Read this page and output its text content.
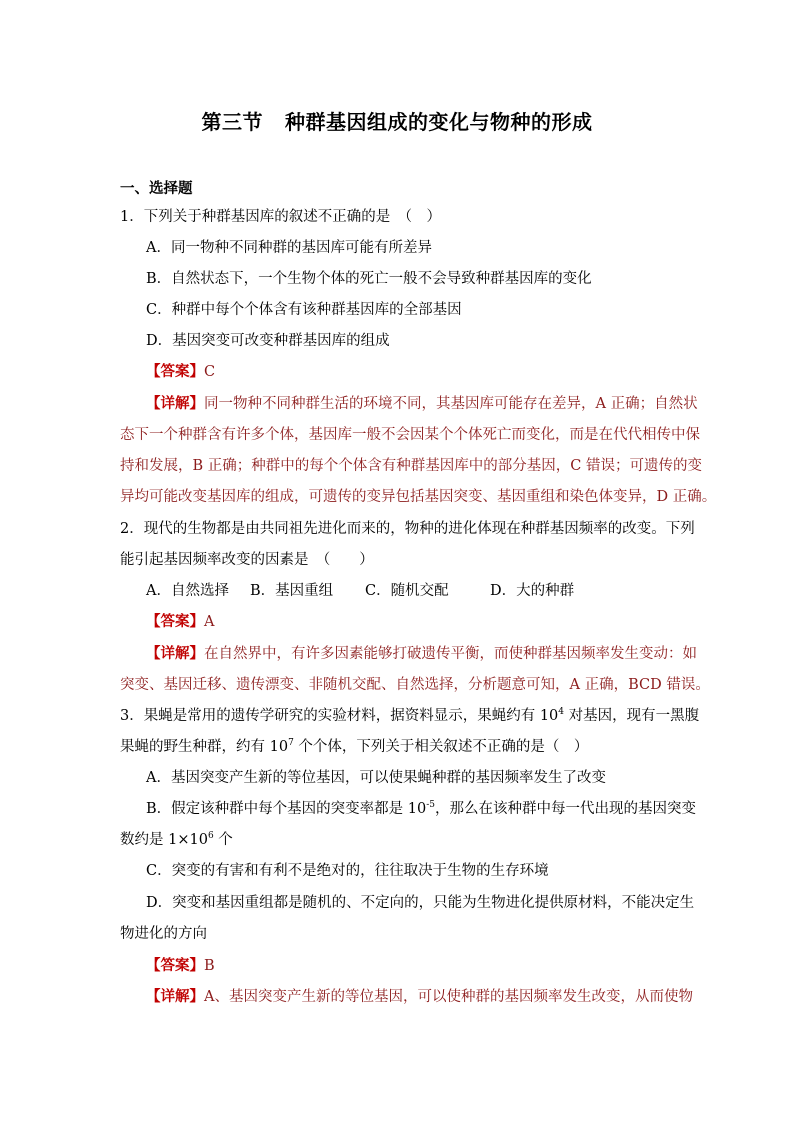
第三节 种群基因组成的变化与物种的形成
一、选择题
1．下列关于种群基因库的叙述不正确的是　（　）
A．同一物种不同种群的基因库可能有所差异
B．自然状态下，一个生物个体的死亡一般不会导致种群基因库的变化
C．种群中每个个体含有该种群基因库的全部基因
D．基因突变可改变种群基因库的组成
【答案】C
【详解】同一物种不同种群生活的环境不同，其基因库可能存在差异，A 正确；自然状
态下一个种群含有许多个体，基因库一般不会因某个个体死亡而变化，而是在代代相传中保
持和发展，B 正确；种群中的每个个体含有种群基因库中的部分基因，C 错误；可遗传的变
异均可能改变基因库的组成，可遗传的变异包括基因突变、基因重组和染色体变异，D 正确。
2．现代的生物都是由共同祖先进化而来的，物种的进化体现在种群基因频率的改变。下列
能引起基因频率改变的因素是　（　　）
A．自然选择 B．基因重组 C．随机交配	D．大的种群
【答案】A
【详解】在自然界中，有许多因素能够打破遗传平衡，而使种群基因频率发生变动：如
突变、基因迁移、遗传漂变、非随机交配、自然选择，分析题意可知，A 正确，BCD 错误。
3．果蝇是常用的遗传学研究的实验材料，据资料显示，果蝇约有 $10^4$ 对基因，现有一黑腹
果蝇的野生种群，约有 $10^7$ 个个体，下列关于相关叙述不正确的是（　）
A．基因突变产生新的等位基因，可以使果蝇种群的基因频率发生了改变
B．假定该种群中每个基因的突变率都是 $10^{-5}$，那么在该种群中每一代出现的基因突变
数约是 $1\times 10^6$ 个
C．突变的有害和有利不是绝对的，往往取决于生物的生存环境
D．突变和基因重组都是随机的、不定向的，只能为生物进化提供原材料，不能决定生
物进化的方向
【答案】B
【详解】A、基因突变产生新的等位基因，可以使种群的基因频率发生改变，从而使物
